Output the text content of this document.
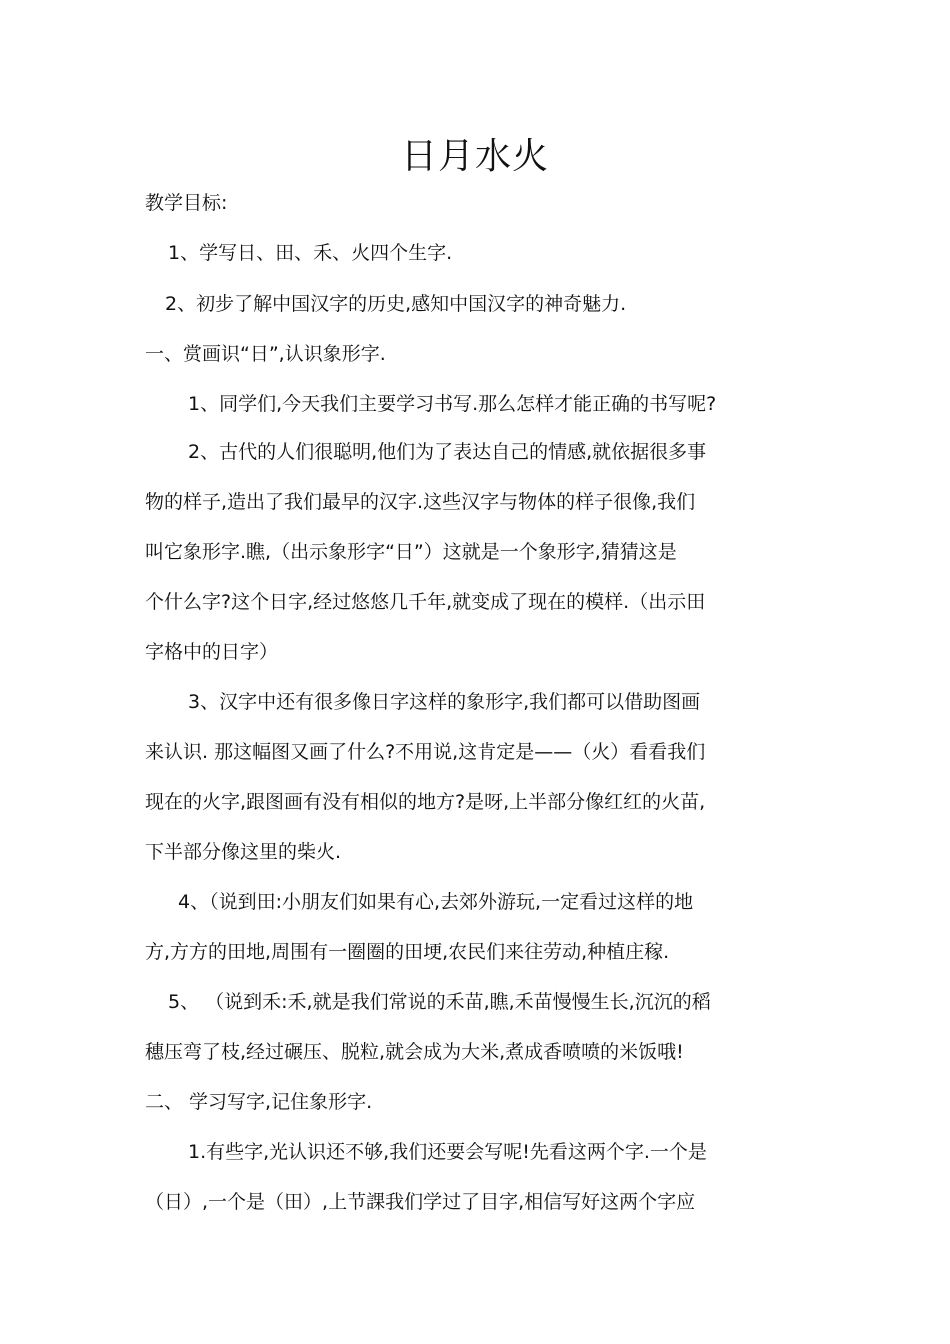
日月水火
教学目标:
1、学写日、田、禾、火四个生字.
2、初步了解中国汉字的历史,感知中国汉字的神奇魅力.
一、赏画识“日”,认识象形字.
1、同学们,今天我们主要学习书写.那么怎样才能正确的书写呢?
2、古代的人们很聪明,他们为了表达自己的情感,就依据很多事
物的样子,造出了我们最早的汉字.这些汉字与物体的样子很像,我们
叫它象形字.瞧,（出示象形字“日”）这就是一个象形字,猜猜这是
个什么字?这个日字,经过悠悠几千年,就变成了现在的模样.（出示田
字格中的日字）
3、汉字中还有很多像日字这样的象形字,我们都可以借助图画
来认识. 那这幅图又画了什么?不用说,这肯定是——（火）看看我们
现在的火字,跟图画有没有相似的地方?是呀,上半部分像红红的火苗,
下半部分像这里的柴火.
4、（说到田:小朋友们如果有心,去郊外游玩,一定看过这样的地
方,方方的田地,周围有一圈圈的田埂,农民们来往劳动,种植庄稼.
5、 （说到禾:禾,就是我们常说的禾苗,瞧,禾苗慢慢生长,沉沉的稻
穗压弯了枝,经过碾压、脱粒,就会成为大米,煮成香喷喷的米饭哦!
二、 学习写字,记住象形字.
1.有些字,光认识还不够,我们还要会写呢!先看这两个字.一个是
（日）,一个是（田）,上节課我们学过了目字,相信写好这两个字应
